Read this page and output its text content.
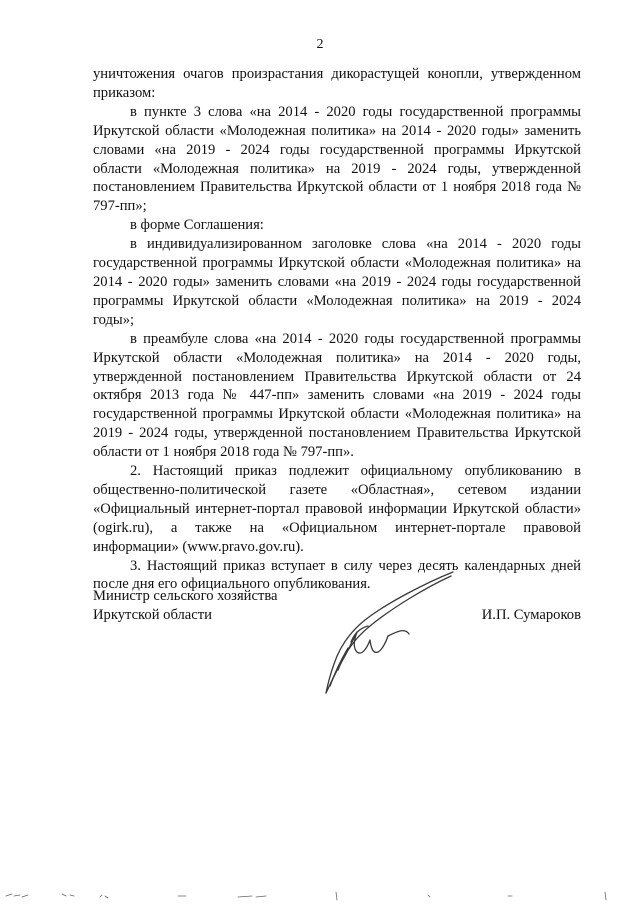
2

уничтожения очагов произрастания дикорастущей конопли, утвержденном приказом:

в пункте 3 слова «на 2014 - 2020 годы государственной программы Иркутской области «Молодежная политика» на 2014 - 2020 годы» заменить словами «на 2019 - 2024 годы государственной программы Иркутской области «Молодежная политика» на 2019 - 2024 годы, утвержденной постановлением Правительства Иркутской области от 1 ноября 2018 года № 797-пп»;

в форме Соглашения:

в индивидуализированном заголовке слова «на 2014 - 2020 годы государственной программы Иркутской области «Молодежная политика» на 2014 - 2020 годы» заменить словами «на 2019 - 2024 годы государственной программы Иркутской области «Молодежная политика» на 2019 - 2024 годы»;

в преамбуле слова «на 2014 - 2020 годы государственной программы Иркутской области «Молодежная политика» на 2014 - 2020 годы, утвержденной постановлением Правительства Иркутской области от 24 октября 2013 года № 447-пп» заменить словами «на 2019 - 2024 годы государственной программы Иркутской области «Молодежная политика» на 2019 - 2024 годы, утвержденной постановлением Правительства Иркутской области от 1 ноября 2018 года № 797-пп».

2. Настоящий приказ подлежит официальному опубликованию в общественно-политической газете «Областная», сетевом издании «Официальный интернет-портал правовой информации Иркутской области» (ogirk.ru), а также на «Официальном интернет-портале правовой информации» (www.pravo.gov.ru).

3. Настоящий приказ вступает в силу через десять календарных дней после дня его официального опубликования.

Министр сельского хозяйства
Иркутской области	И.П. Сумароков
